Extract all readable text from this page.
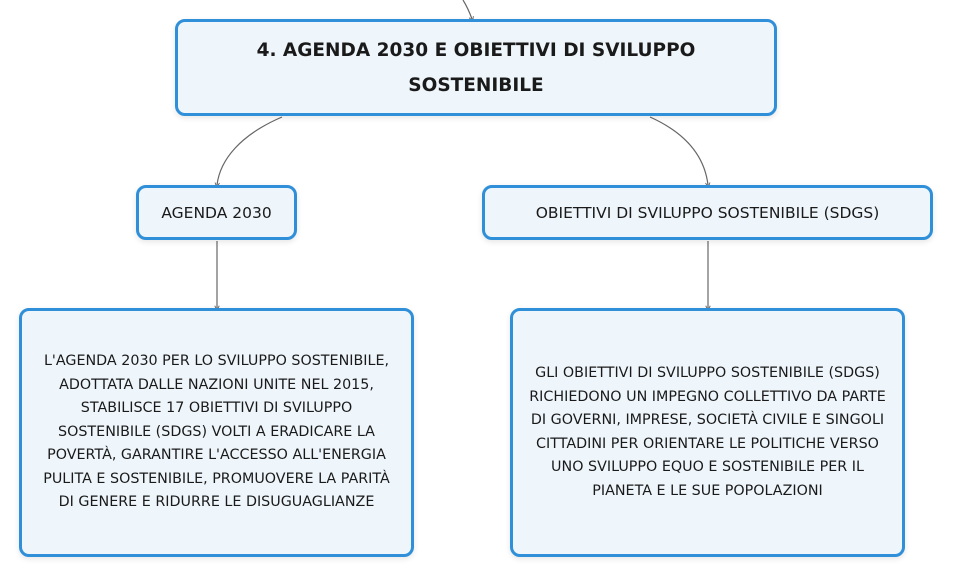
4. AGENDA 2030 E OBIETTIVI DI SVILUPPO SOSTENIBILE
AGENDA 2030	OBIETTIVI DI SVILUPPO SOSTENIBILE (SDGS)
L'AGENDA 2030 PER LO SVILUPPO SOSTENIBILE, ADOTTATA DALLE NAZIONI UNITE NEL 2015, STABILISCE 17 OBIETTIVI DI SVILUPPO SOSTENIBILE (SDGS) VOLTI A ERADICARE LA POVERTÀ, GARANTIRE L'ACCESSO ALL'ENERGIA PULITA E SOSTENIBILE, PROMUOVERE LA PARITÀ DI GENERE E RIDURRE LE DISUGUAGLIANZE
GLI OBIETTIVI DI SVILUPPO SOSTENIBILE (SDGS) RICHIEDONO UN IMPEGNO COLLETTIVO DA PARTE DI GOVERNI, IMPRESE, SOCIETÀ CIVILE E SINGOLI CITTADINI PER ORIENTARE LE POLITICHE VERSO UNO SVILUPPO EQUO E SOSTENIBILE PER IL PIANETA E LE SUE POPOLAZIONI
